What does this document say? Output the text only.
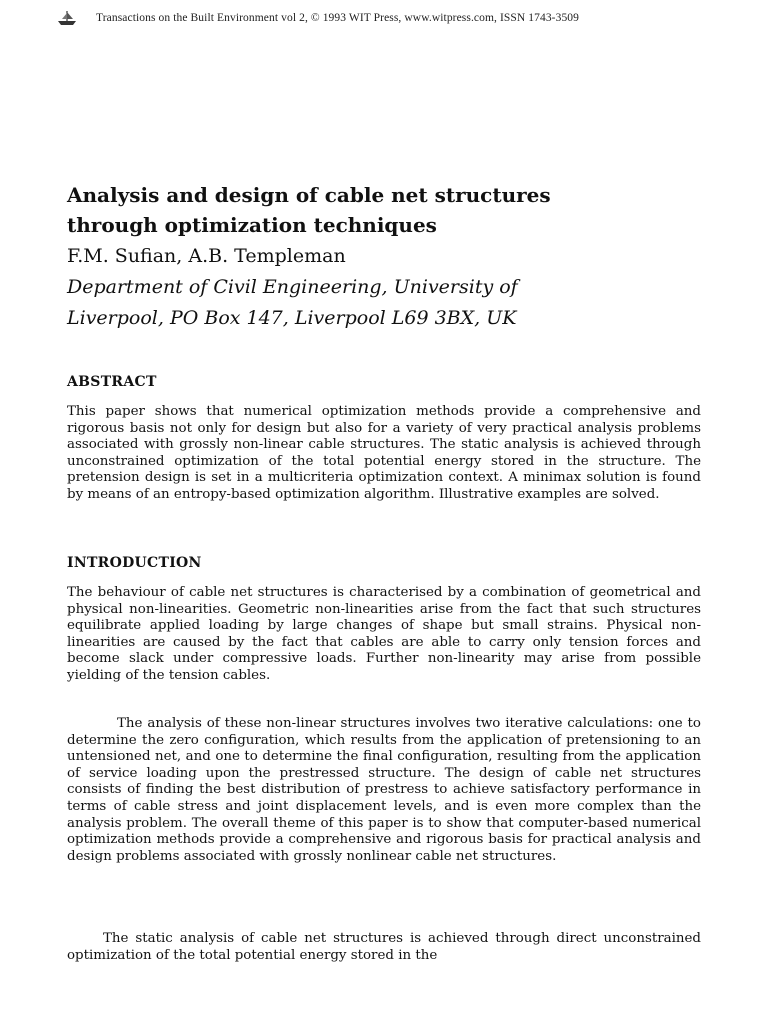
Transactions on the Built Environment vol 2, © 1993 WIT Press, www.witpress.com, ISSN 1743-3509
Analysis and design of cable net structures
through optimization techniques
F.M. Sufian, A.B. Templeman
Department of Civil Engineering, University of
Liverpool, PO Box 147, Liverpool L69 3BX, UK
ABSTRACT

This paper shows that numerical optimization methods provide a comprehensive and rigorous basis not only for design but also for a variety of very practical analysis problems associated with grossly non-linear cable structures. The static analysis is achieved through unconstrained optimization of the total potential energy stored in the structure. The pretension design is set in a multicriteria optimization context. A minimax solution is found by means of an entropy-based optimization algorithm. Illustrative examples are solved.

INTRODUCTION

The behaviour of cable net structures is characterised by a combination of geometrical and physical non-linearities. Geometric non-linearities arise from the fact that such structures equilibrate applied loading by large changes of shape but small strains. Physical non-linearities are caused by the fact that cables are able to carry only tension forces and become slack under compressive loads. Further non-linearity may arise from possible yielding of the tension cables.

The analysis of these non-linear structures involves two iterative calculations: one to determine the zero configuration, which results from the application of pretensioning to an untensioned net, and one to determine the final configuration, resulting from the application of service loading upon the prestressed structure. The design of cable net structures consists of finding the best distribution of prestress to achieve satisfactory performance in terms of cable stress and joint displacement levels, and is even more complex than the analysis problem. The overall theme of this paper is to show that computer-based numerical optimization methods provide a comprehensive and rigorous basis for practical analysis and design problems associated with grossly nonlinear cable net structures.

The static analysis of cable net structures is achieved through direct unconstrained optimization of the total potential energy stored in the
